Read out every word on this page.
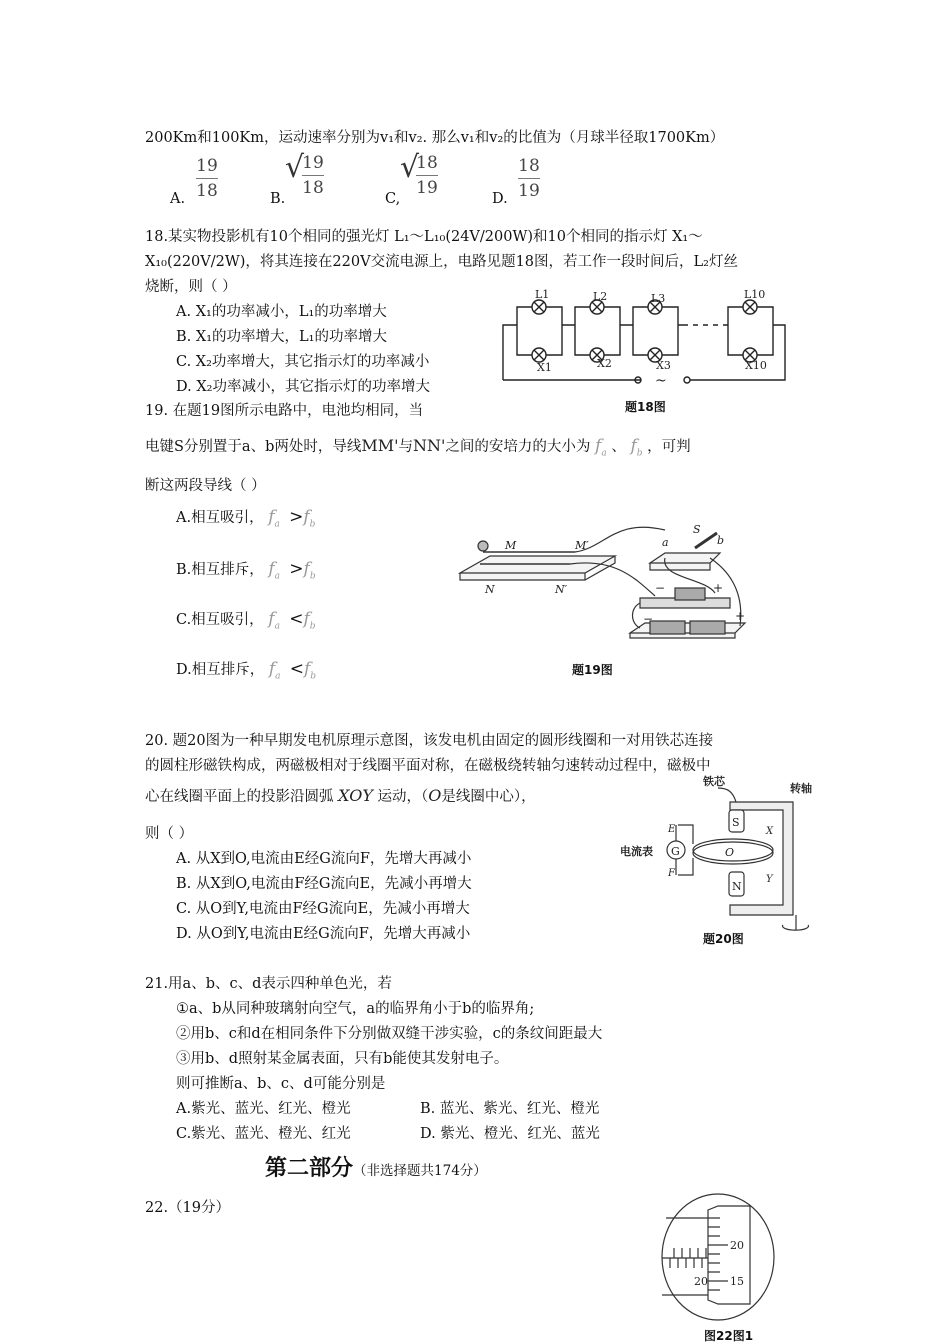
200Km和100Km，运动速率分别为v₁和v₂. 那么v₁和v₂的比值为（月球半径取1700Km）
A.
19
18	B.
√
19
18
C,
√
18
19
D.
18
19
18.某实物投影机有10个相同的强光灯 L₁～L₁₀(24V/200W)和10个相同的指示灯 X₁～
X₁₀(220V/2W)，将其连接在220V交流电源上，电路见题18图，若工作一段时间后，L₂灯丝
烧断，则（ ）
A. X₁的功率减小，L₁的功率增大
B. X₁的功率增大，L₁的功率增大
C. X₂功率增大，其它指示灯的功率减小
D. X₂功率减小，其它指示灯的功率增大	~
L1	L2	L3	L10
X1	X2	X3	X10
题18图
19. 在题19图所示电路中，电池均相同，当
电键S分别置于a、b两处时，导线MM'与NN'之间的安培力的大小为 $f_a$ 、 $f_b$ ，可判
断这两段导线（ ）
A.相互吸引， $f_a >f_b$
B.相互排斥， $f_a >f_b$
C.相互吸引， $f_a <f_b$
D.相互排斥， $f_a <f_b$
M	M′
N	N′
S
a	b
−	+
−	+
题19图
20. 题20图为一种早期发电机原理示意图，该发电机由固定的圆形线圈和一对用铁芯连接
的圆柱形磁铁构成，两磁极相对于线圈平面对称，在磁极绕转轴匀速转动过程中，磁极中
心在线圈平面上的投影沿圆弧 XOY 运动，（O是线圈中心），
则（ ）
A. 从X到O,电流由E经G流向F，先增大再减小
B. 从X到O,电流由F经G流向E，先减小再增大
C. 从O到Y,电流由F经G流向E，先减小再增大
D. 从O到Y,电流由E经G流向F，先增大再减小
铁芯
转轴
电流表 G
E
F
S
N
X
Y
O
题20图
21.用a、b、c、d表示四种单色光，若
①a、b从同种玻璃射向空气，a的临界角小于b的临界角;
②用b、c和d在相同条件下分别做双缝干涉实验，c的条纹间距最大
③用b、d照射某金属表面，只有b能使其发射电子。
则可推断a、b、c、d可能分别是
A.紫光、蓝光、红光、橙光	B. 蓝光、紫光、红光、橙光
C.紫光、蓝光、橙光、红光	D. 紫光、橙光、红光、蓝光
第二部分（非选择题共174分）
22.（19分）
20
15
20
图22图1
